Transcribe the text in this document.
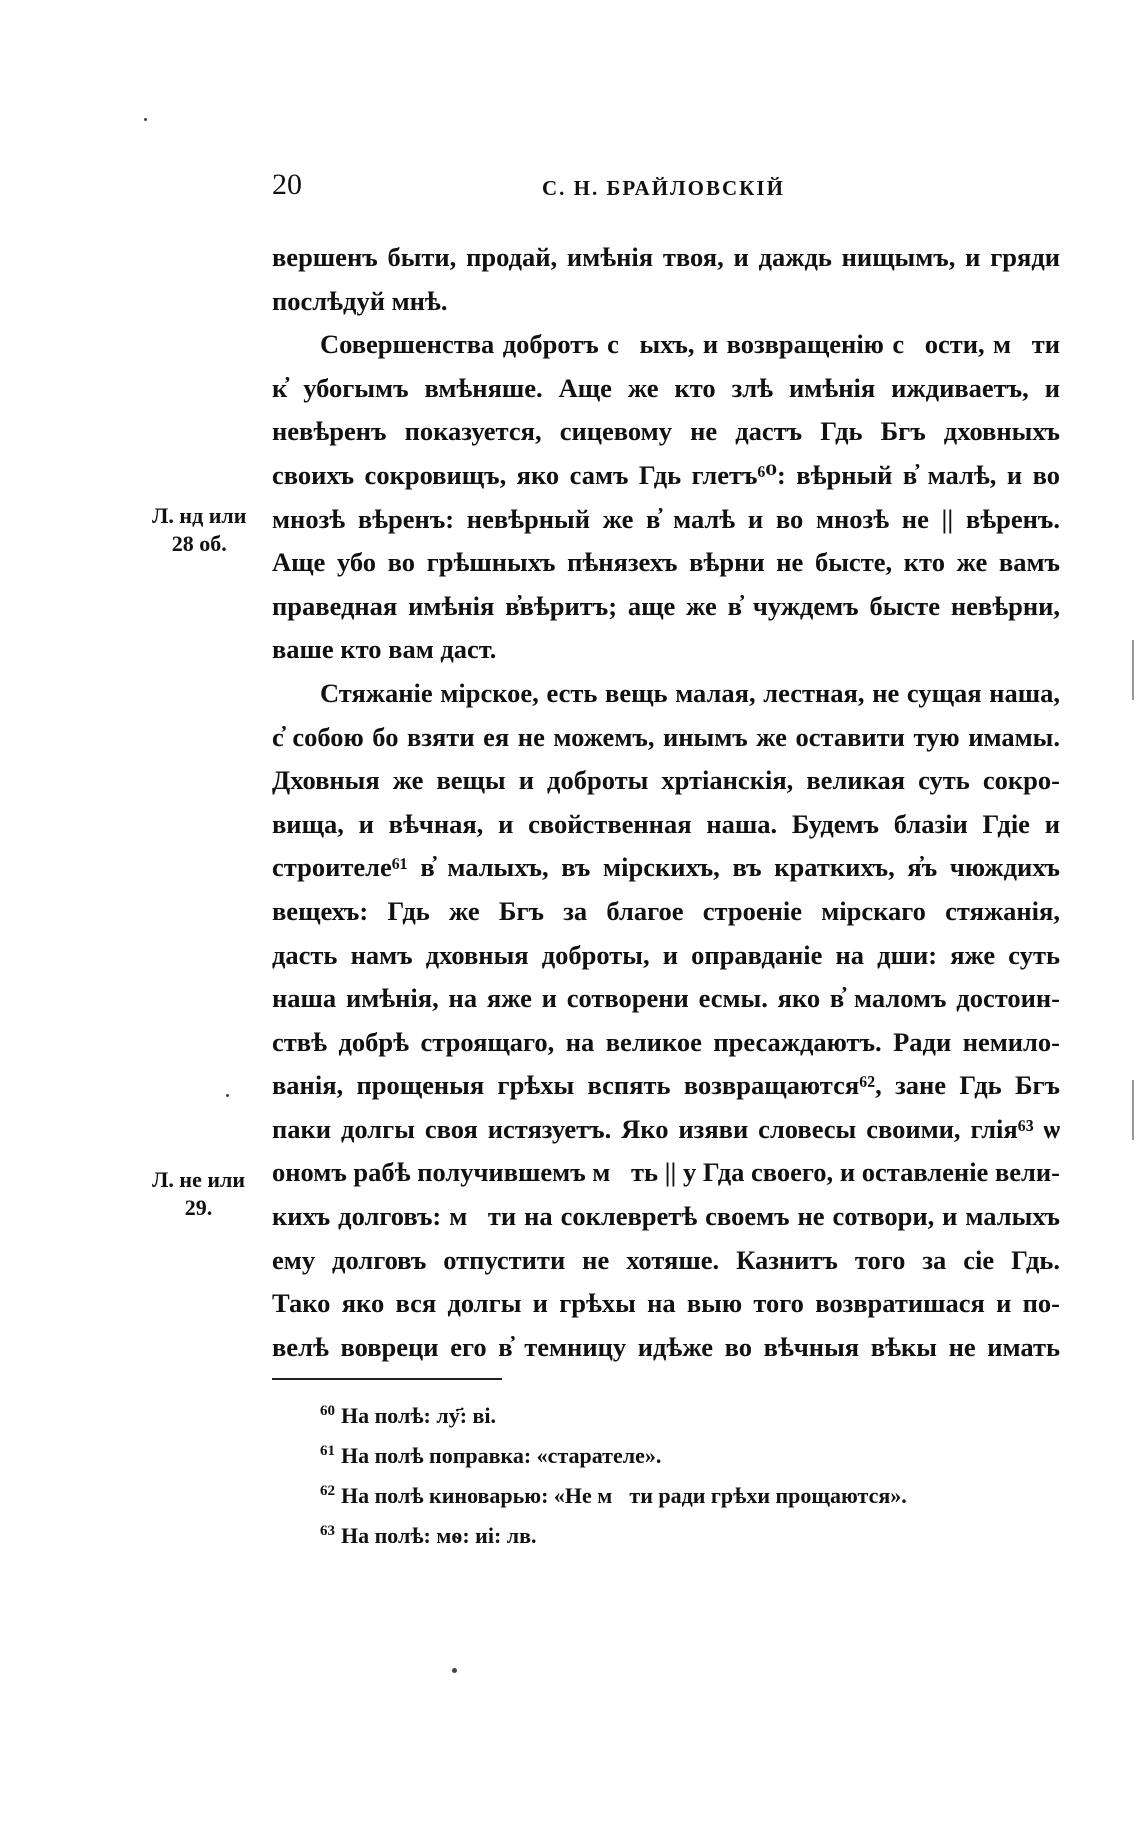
20	С. Н. БРАЙЛОВСКІЙ
вершенъ быти, продай, имѣнія твоя, и даждь нищымъ, и гряди
послѣдуй мнѣ.
Совершенства добротъ сⷮыхъ, и возвращенію сⷮости, мⷧти
к҆ убогымъ вмѣняше. Аще же кто злѣ имѣнія иждиваетъ, и
невѣренъ показуется, сицевому не дастъ Гдь Бгъ дховныхъ
своихъ сокровищъ, яко самъ Гдь глетъ⁶⁰: вѣрный в҆ малѣ, и во
мнозѣ вѣренъ: невѣрный же в҆ малѣ и во мнозѣ не || вѣренъ.
Аще убо во грѣшныхъ пѣнязехъ вѣрни не бысте, кто же вамъ
праведная имѣнія в҆вѣритъ; аще же в҆ чуждемъ бысте невѣрни,
ваше кто вам даст.
Стяжаніе мірское, есть вещь малая, лестная, не сущая наша,
с҆ собою бо взяти ея не можемъ, инымъ же оставити тую имамы.
Дховныя же вещы и доброты хртіанскія, великая суть сокро-
вища, и вѣчная, и свойственная наша. Будемъ блазіи Гдіе и
строителе⁶¹ в҆ малыхъ, въ мірскихъ, въ краткихъ, я҆ъ чюждихъ
вещехъ: Гдь же Бгъ за благое строеніе мірскаго стяжанія,
дасть намъ дховныя доброты, и оправданіе на дши: яже суть
наша имѣнія, на яже и сотворени есмы. яко в҆ маломъ достоин-
ствѣ добрѣ строящаго, на великое пресаждаютъ. Ради немило-
ванія, прощеныя грѣхы вспять возвращаются⁶², зане Гдь Бгъ
паки долгы своя истязуетъ. Яко изяви словесы своими, глія⁶³ ѡ
ономъ рабѣ получившемъ мⷧть || у Гда своего, и оставленіе вели-
кихъ долговъ: мⷧти на соклевретѣ своемъ не сотвори, и малыхъ
ему долговъ отпустити не хотяше. Казнитъ того за сіе Гдь.
Тако яко вся долгы и грѣхы на выю того возвратишася и по-
велѣ вовреци его в҆ темницу идѣже во вѣчныя вѣкы не имать
Л. нд или
28 об.
Л. не или
29.
$^{60}$ На полѣ: лу҃: ві.
$^{61}$ На полѣ поправка: «старателе».
$^{62}$ На полѣ киноварью: «Не мⷧти ради грѣхи прощаются».
$^{63}$ На полѣ: мѳ: иі: лв.
